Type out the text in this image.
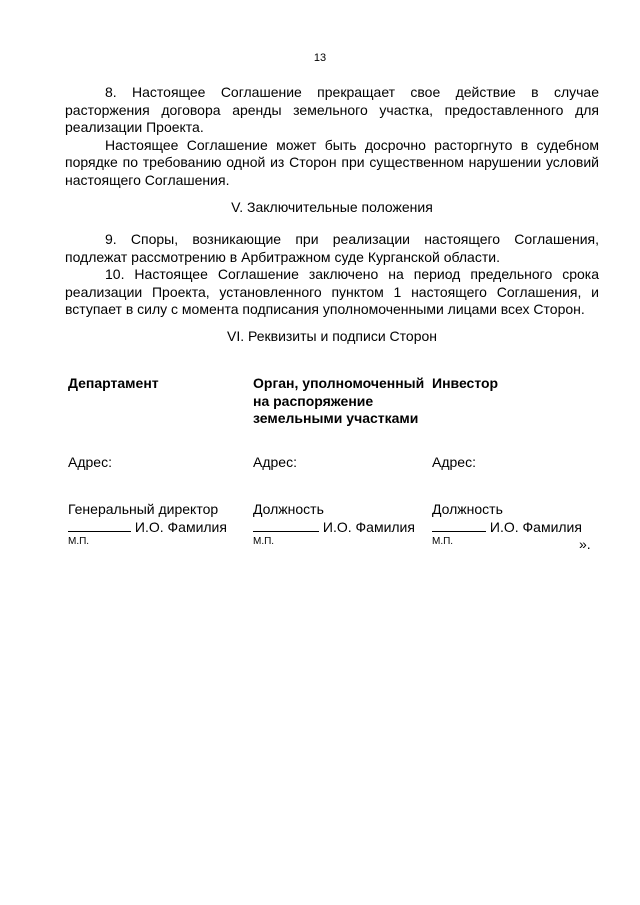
13

8. Настоящее Соглашение прекращает свое действие в случае расторжения договора аренды земельного участка, предоставленного для реализации Проекта.

Настоящее Соглашение может быть досрочно расторгнуто в судебном порядке по требованию одной из Сторон при существенном нарушении условий настоящего Соглашения.

V. Заключительные положения

9. Споры, возникающие при реализации настоящего Соглашения, подлежат рассмотрению в Арбитражном суде Курганской области.

10. Настоящее Соглашение заключено на период предельного срока реализации Проекта, установленного пунктом 1 настоящего Соглашения, и вступает в силу с момента подписания уполномоченными лицами всех Сторон.

VI. Реквизиты и подписи Сторон
Департамент
Адрес:
Генеральный директор
И.О. Фамилия
М.П.
Орган, уполномоченный на распоряжение земельными участками
Адрес:
Должность
И.О. Фамилия
М.П.
Инвестор
Адрес:
Должность
И.О. Фамилия
М.П.	».
